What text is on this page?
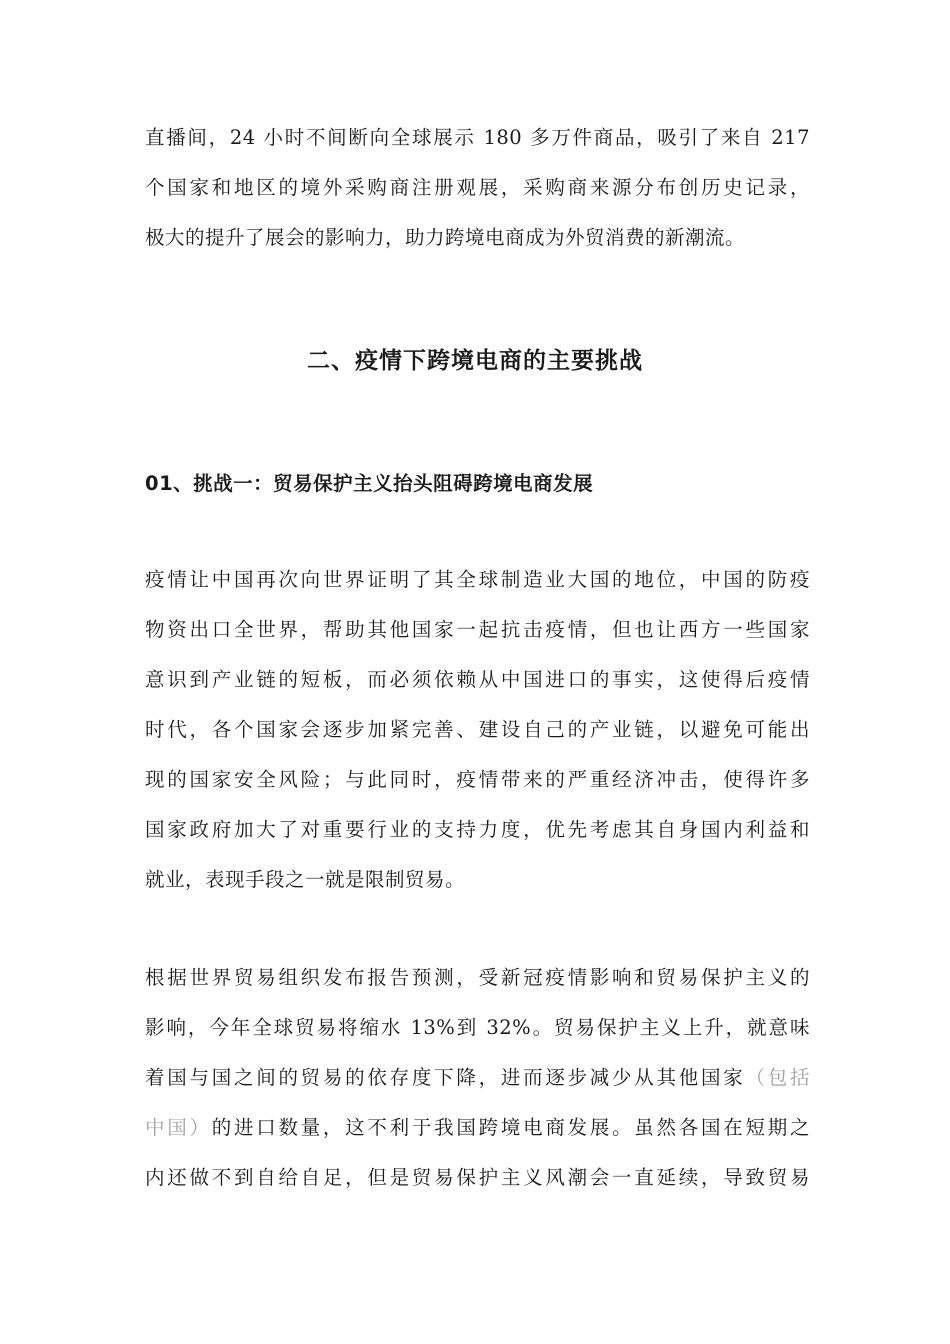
直播间，24 小时不间断向全球展示 180 多万件商品，吸引了来自 217
个国家和地区的境外采购商注册观展，采购商来源分布创历史记录，
极大的提升了展会的影响力，助力跨境电商成为外贸消费的新潮流。
二、疫情下跨境电商的主要挑战
01、挑战一：贸易保护主义抬头阻碍跨境电商发展
疫情让中国再次向世界证明了其全球制造业大国的地位，中国的防疫
物资出口全世界，帮助其他国家一起抗击疫情，但也让西方一些国家
意识到产业链的短板，而必须依赖从中国进口的事实，这使得后疫情
时代，各个国家会逐步加紧完善、建设自己的产业链，以避免可能出
现的国家安全风险；与此同时，疫情带来的严重经济冲击，使得许多
国家政府加大了对重要行业的支持力度，优先考虑其自身国内利益和
就业，表现手段之一就是限制贸易。
根据世界贸易组织发布报告预测，受新冠疫情影响和贸易保护主义的
影响，今年全球贸易将缩水 13%到 32%。贸易保护主义上升，就意味
着国与国之间的贸易的依存度下降，进而逐步减少从其他国家（包括
中国）的进口数量，这不利于我国跨境电商发展。虽然各国在短期之
内还做不到自给自足，但是贸易保护主义风潮会一直延续，导致贸易
